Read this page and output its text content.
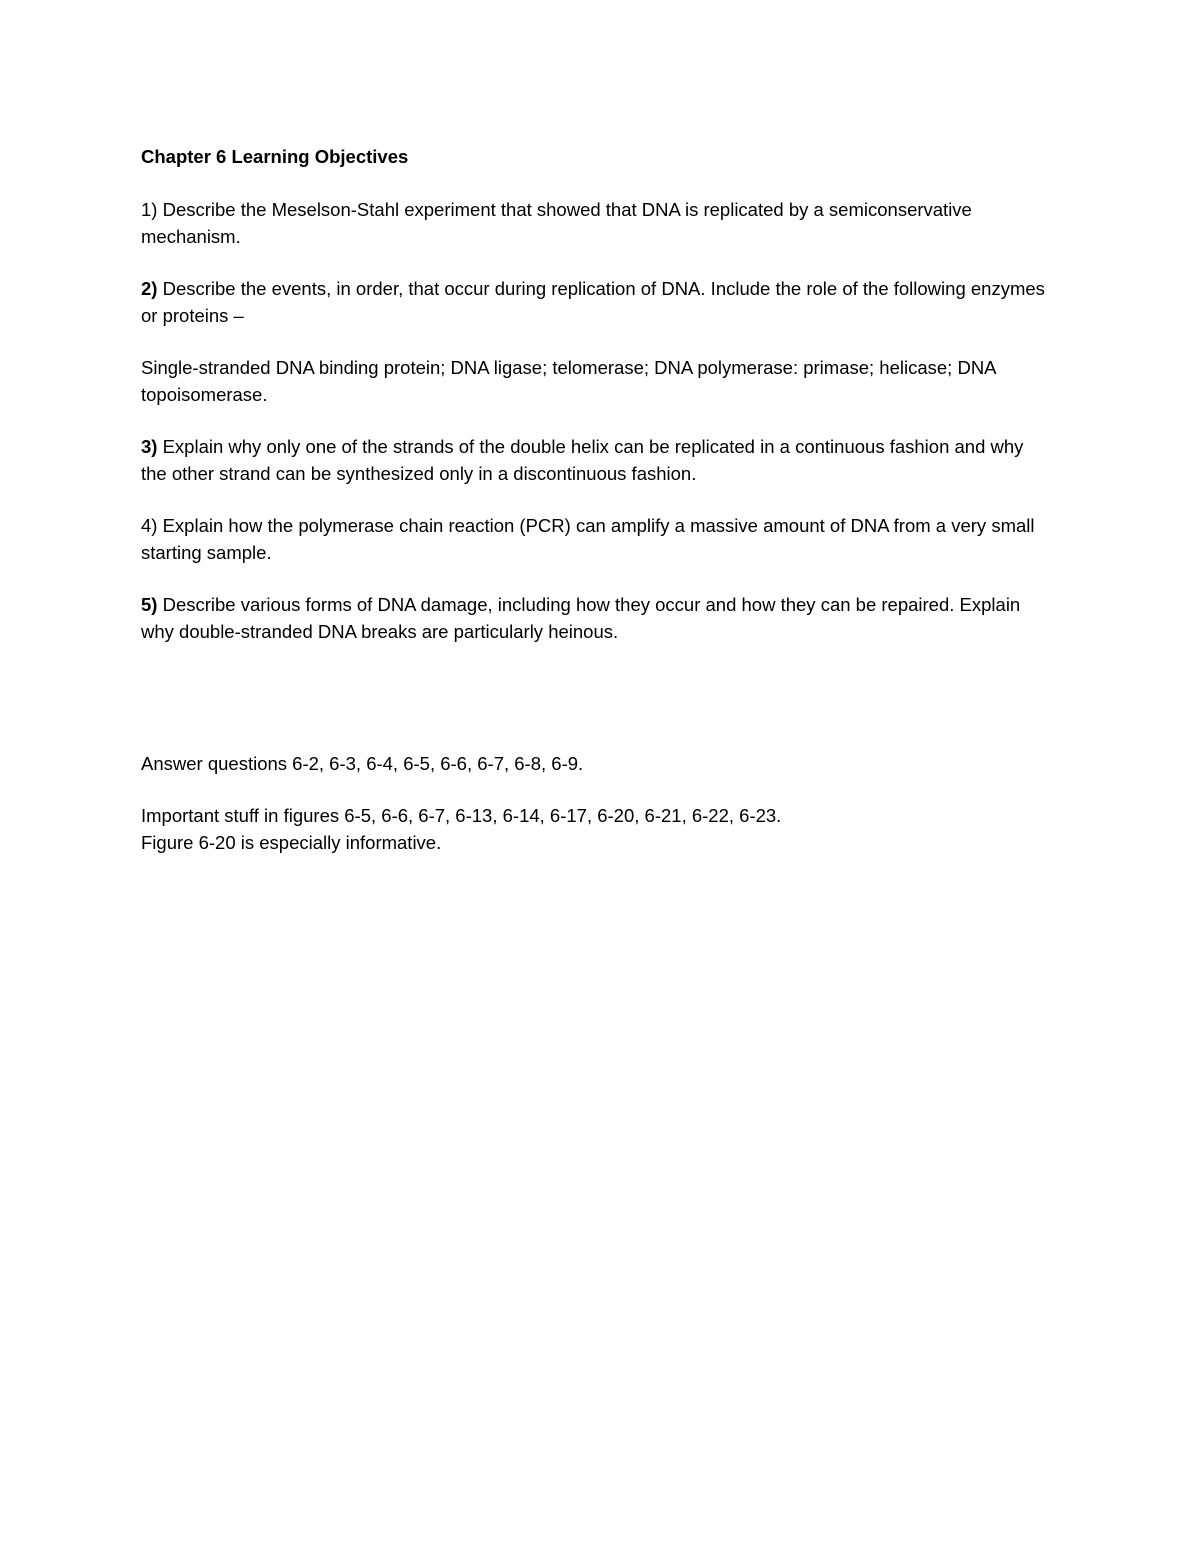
Chapter 6 Learning Objectives
1) Describe the Meselson-Stahl experiment that showed that DNA is replicated by a semiconservative mechanism.
2) Describe the events, in order, that occur during replication of DNA. Include the role of the following enzymes or proteins –
Single-stranded DNA binding protein; DNA ligase; telomerase; DNA polymerase: primase; helicase; DNA topoisomerase.
3) Explain why only one of the strands of the double helix can be replicated in a continuous fashion and why the other strand can be synthesized only in a discontinuous fashion.
4) Explain how the polymerase chain reaction (PCR) can amplify a massive amount of DNA from a very small starting sample.
5) Describe various forms of DNA damage, including how they occur and how they can be repaired. Explain why double-stranded DNA breaks are particularly heinous.
Answer questions 6-2, 6-3, 6-4, 6-5, 6-6, 6-7, 6-8, 6-9.
Important stuff in figures 6-5, 6-6, 6-7, 6-13, 6-14, 6-17, 6-20, 6-21, 6-22, 6-23.
Figure 6-20 is especially informative.
